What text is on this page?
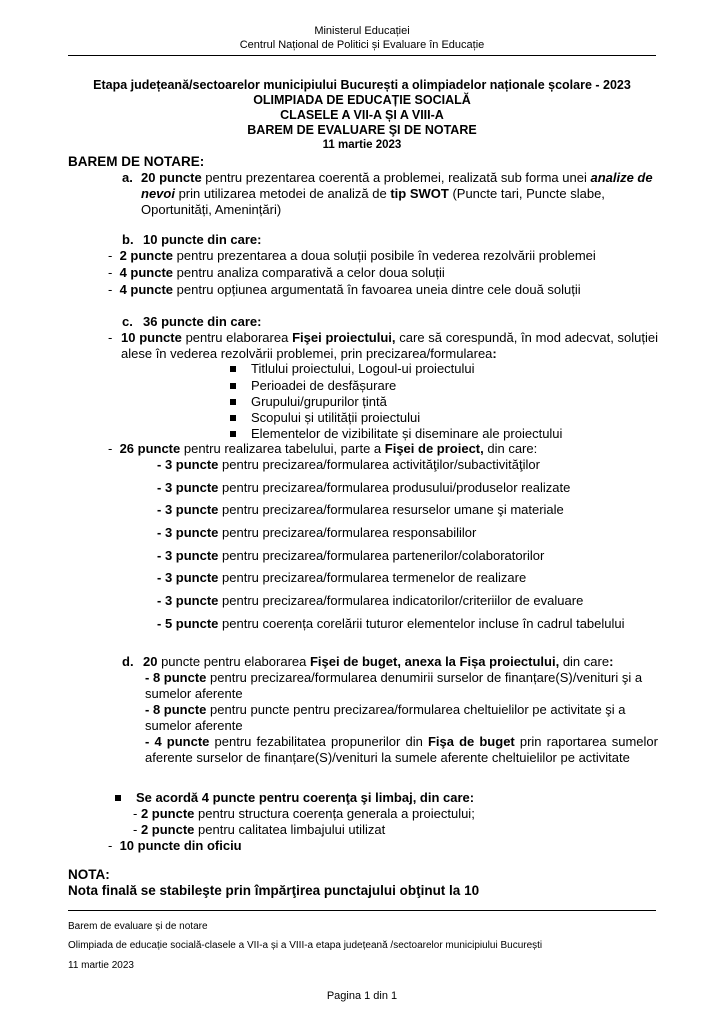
Ministerul Educației
Centrul Național de Politici și Evaluare în Educație
Etapa județeană/sectoarelor municipiului București a olimpiadelor naționale școlare - 2023
OLIMPIADA DE EDUCAȚIE SOCIALĂ
CLASELE A VII-A ȘI A VIII-A
BAREM DE EVALUARE ŞI DE NOTARE
11 martie 2023
BAREM DE NOTARE:
a. 20 puncte pentru prezentarea coerentă a problemei, realizată sub forma unei analize de nevoi prin utilizarea metodei de analiză de tip SWOT (Puncte tari, Puncte slabe, Oportunități, Amenințări)
b. 10 puncte din care:
-  2 puncte pentru prezentarea a doua soluții posibile în vederea rezolvării problemei
-  4 puncte pentru analiza comparativă a celor doua soluții
-  4 puncte pentru opțiunea argumentată în favoarea uneia dintre cele două soluții
c. 36 puncte din care:
- 10 puncte pentru elaborarea Fişei proiectului, care să corespundă, în mod adecvat, soluției alese în vederea rezolvării problemei, prin precizarea/formularea:
Titlului proiectului, Logoul-ui proiectului
Perioadei de desfășurare
Grupului/grupurilor țintă
Scopului și utilității proiectului
Elementelor de vizibilitate și diseminare ale proiectului
-  26 puncte pentru realizarea tabelului, parte a Fişei de proiect, din care:
- 3 puncte pentru precizarea/formularea activităţilor/subactivităţilor
- 3 puncte pentru precizarea/formularea produsului/produselor realizate
- 3 puncte pentru precizarea/formularea resurselor umane şi materiale
- 3 puncte pentru precizarea/formularea responsabililor
- 3 puncte pentru precizarea/formularea partenerilor/colaboratorilor
- 3 puncte pentru precizarea/formularea termenelor de realizare
- 3 puncte pentru precizarea/formularea indicatorilor/criteriilor de evaluare
- 5 puncte pentru coerența corelării tuturor elementelor incluse în cadrul tabelului
d. 20 puncte pentru elaborarea Fişei de buget, anexa la Fișa proiectului, din care:
- 8 puncte pentru precizarea/formularea denumirii surselor de finanțare(S)/venituri şi a sumelor aferente
- 8 puncte pentru puncte pentru precizarea/formularea cheltuielilor pe activitate şi a sumelor aferente
- 4 puncte pentru fezabilitatea propunerilor din Fişa de buget prin raportarea sumelor aferente surselor de finanțare(S)/venituri la sumele aferente cheltuielilor pe activitate
Se acordă 4 puncte pentru coerenţa şi limbaj, din care:
- 2 puncte pentru structura coerența generala a proiectului;
- 2 puncte pentru calitatea limbajului utilizat
-  10 puncte din oficiu
NOTA:
Nota finală se stabileşte prin împărţirea punctajului obţinut la 10
Barem de evaluare și de notare
Olimpiada de educație socială-clasele a VII-a și a VIII-a etapa județeană /sectoarelor municipiului București
11 martie 2023
Pagina 1 din 1
